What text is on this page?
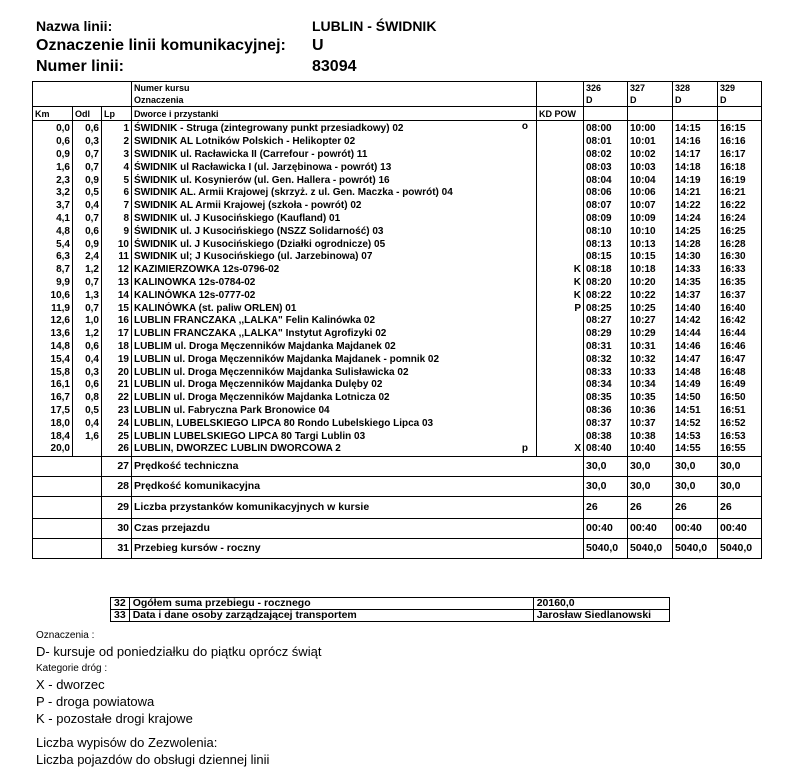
Nazwa linii:	LUBLIN - ŚWIDNIK
Oznaczenie linii komunikacyjnej: U
Numer linii:	83094
			Numer kursu		326	327	328	329
			Oznaczenia		D	D	D	D
Km	Odl	Lp	Dworce i przystanki	KD POW				
0,0	0,6	1	ŚWIDNIK - Struga (zintegrowany punkt przesiadkowy) 02 o		08:00	10:00	14:15	16:15
0,6	0,3	2	ŚWIDNIK AL Lotników Polskich - Helikopter 02		08:01	10:01	14:16	16:16
0,9	0,7	3	ŚWIDNIK ul. Racławicka II (Carrefour - powrót) 11		08:02	10:02	14:17	16:17
1,6	0,7	4	ŚWIDNIK ul Racławicka I (ul. Jarzębinowa - powrót) 13		08:03	10:03	14:18	16:18
2,3	0,9	5	ŚWIDNIK ul. Kosynierów (ul. Gen. Hallera - powrót) 16		08:04	10:04	14:19	16:19
3,2	0,5	6	ŚWIDNIK AL. Armii Krajowej (skrzyż. z ul. Gen. Maczka - powrót) 04		08:06	10:06	14:21	16:21
3,7	0,4	7	ŚWIDNIK AL Armii Krajowej (szkoła - powrót) 02		08:07	10:07	14:22	16:22
4,1	0,7	8	ŚWIDNIK ul. J Kusocińskiego (Kaufland) 01		08:09	10:09	14:24	16:24
4,8	0,6	9	ŚWIDNIK ul. J Kusocińskiego (NSZZ Solidarność) 03		08:10	10:10	14:25	16:25
5,4	0,9	10	ŚWIDNIK ul. J Kusocińskiego (Działki ogrodnicze) 05		08:13	10:13	14:28	16:28
6,3	2,4	11	ŚWIDNIK ul; J Kusocińskiego (ul. Jarzebinowa) 07		08:15	10:15	14:30	16:30
8,7	1,2	12	KAZIMIERZÓWKA 12s-0796-02	K	08:18	10:18	14:33	16:33
9,9	0,7	13	KALINÓWKA 12s-0784-02	K	08:20	10:20	14:35	16:35
10,6	1,3	14	KALINÓWKA 12s-0777-02	K	08:22	10:22	14:37	16:37
11,9	0,7	15	KALINÓWKA (st. paliw ORLEN) 01	P	08:25	10:25	14:40	16:40
12,6	1,0	16	LUBLIN FRANCZAKA ,,LALKA" Felin Kalinówka 02		08:27	10:27	14:42	16:42
13,6	1,2	17	LUBLIN FRANCZAKA ,,LALKA" Instytut Agrofizyki 02		08:29	10:29	14:44	16:44
14,8	0,6	18	LUBLIM ul. Droga Męczenników Majdanka Majdanek 02		08:31	10:31	14:46	16:46
15,4	0,4	19	LUBLIN ul. Droga Męczenników Majdanka Majdanek - pomnik 02		08:32	10:32	14:47	16:47
15,8	0,3	20	LUBLIN ul. Droga Męczenników Majdanka Sulisławicka 02		08:33	10:33	14:48	16:48
16,1	0,6	21	LUBLIN ul. Droga Męczenników Majdanka Dulęby 02		08:34	10:34	14:49	16:49
16,7	0,8	22	LUBLIN ul. Droga Męczenników Majdanka Lotnicza 02		08:35	10:35	14:50	16:50
17,5	0,5	23	LUBLIN ul. Fabryczna Park Bronowice 04		08:36	10:36	14:51	16:51
18,0	0,4	24	LUBLIN, LUBELSKIEGO LIPCA 80 Rondo Lubelskiego Lipca 03		08:37	10:37	14:52	16:52
18,4	1,6	25	LUBLIN LUBELSKIEGO LIPCA 80 Targi Lublin 03		08:38	10:38	14:53	16:53
20,0		26	LUBLIN, DWORZEC LUBLIN DWORCOWA 2 p	X	08:40	10:40	14:55	16:55
		27	Prędkość techniczna		30,0	30,0	30,0	30,0
		28	Prędkość komunikacyjna		30,0	30,0	30,0	30,0
		29	Liczba przystanków komunikacyjnych w kursie		26	26	26	26
		30	Czas przejazdu		00:40	00:40	00:40	00:40
		31	Przebieg kursów - roczny		5040,0	5040,0	5040,0	5040,0
32	Ogółem suma przebiegu - rocznego	20160,0
33	Data i dane osoby zarządzającej transportem	Jarosław Siedlanowski
Oznaczenia :
D- kursuje od poniedziałku do piątku oprócz świąt
Kategorie dróg :
X - dworzec
P - droga powiatowa
K - pozostałe drogi krajowe
Liczba wypisów do Zezwolenia:
Liczba pojazdów do obsługi dziennej linii
